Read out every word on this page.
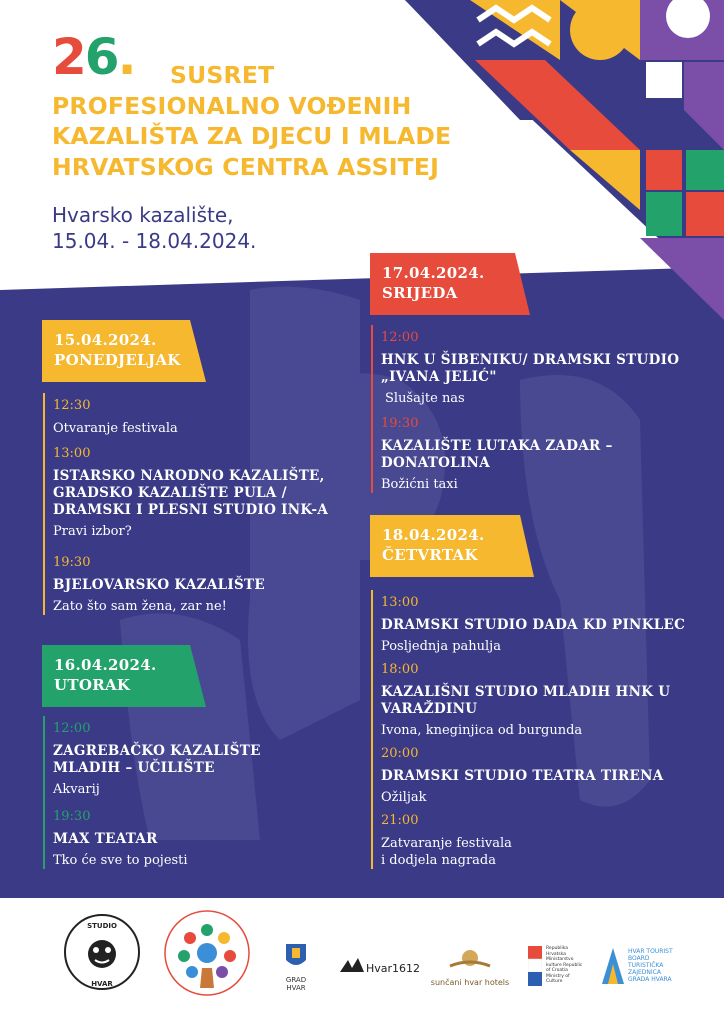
26.	SUSRET
PROFESIONALNO VOĐENIH
KAZALIŠTA ZA DJECU I MLADE
HRVATSKOG CENTRA ASSITEJ
Hvarsko kazalište,
15.04. - 18.04.2024.
15.04.2024.
PONEDJELJAK
12:30
Otvaranje festivala
13:00
ISTARSKO NARODNO KAZALIŠTE,
GRADSKO KAZALIŠTE PULA /
DRAMSKI I PLESNI STUDIO INK-A
Pravi izbor?
19:30
BJELOVARSKO KAZALIŠTE
Zato što sam žena, zar ne!
16.04.2024.
UTORAK
12:00
ZAGREBAČKO KAZALIŠTE
MLADIH – UČILIŠTE
Akvarij
19:30
MAX TEATAR
Tko će sve to pojesti
17.04.2024.
SRIJEDA
12:00
HNK U ŠIBENIKU/ DRAMSKI STUDIO
„IVANA JELIĆ"
Slušajte nas
19:30
KAZALIŠTE LUTAKA ZADAR –
DONATOLINA
Božićni taxi
18.04.2024.
ČETVRTAK
13:00
DRAMSKI STUDIO DADA KD PINKLEC
Posljednja pahulja
18:00
KAZALIŠNI STUDIO MLADIH HNK U
VARAŽDINU
Ivona, kneginjica od burgunda
20:00
DRAMSKI STUDIO TEATRA TIRENA
Ožiljak
21:00
Zatvaranje festivala
i dodjela nagrada
STUDIO
HVAR	GRAD HVAR
Hvar1612
sunčani hvar hotels
Republika Hrvatska Ministarstvo kulture Republic of Croatia Ministry of Culture
HVAR TOURIST BOARD TURISTIČKA ZAJEDNICA GRADA HVARA
